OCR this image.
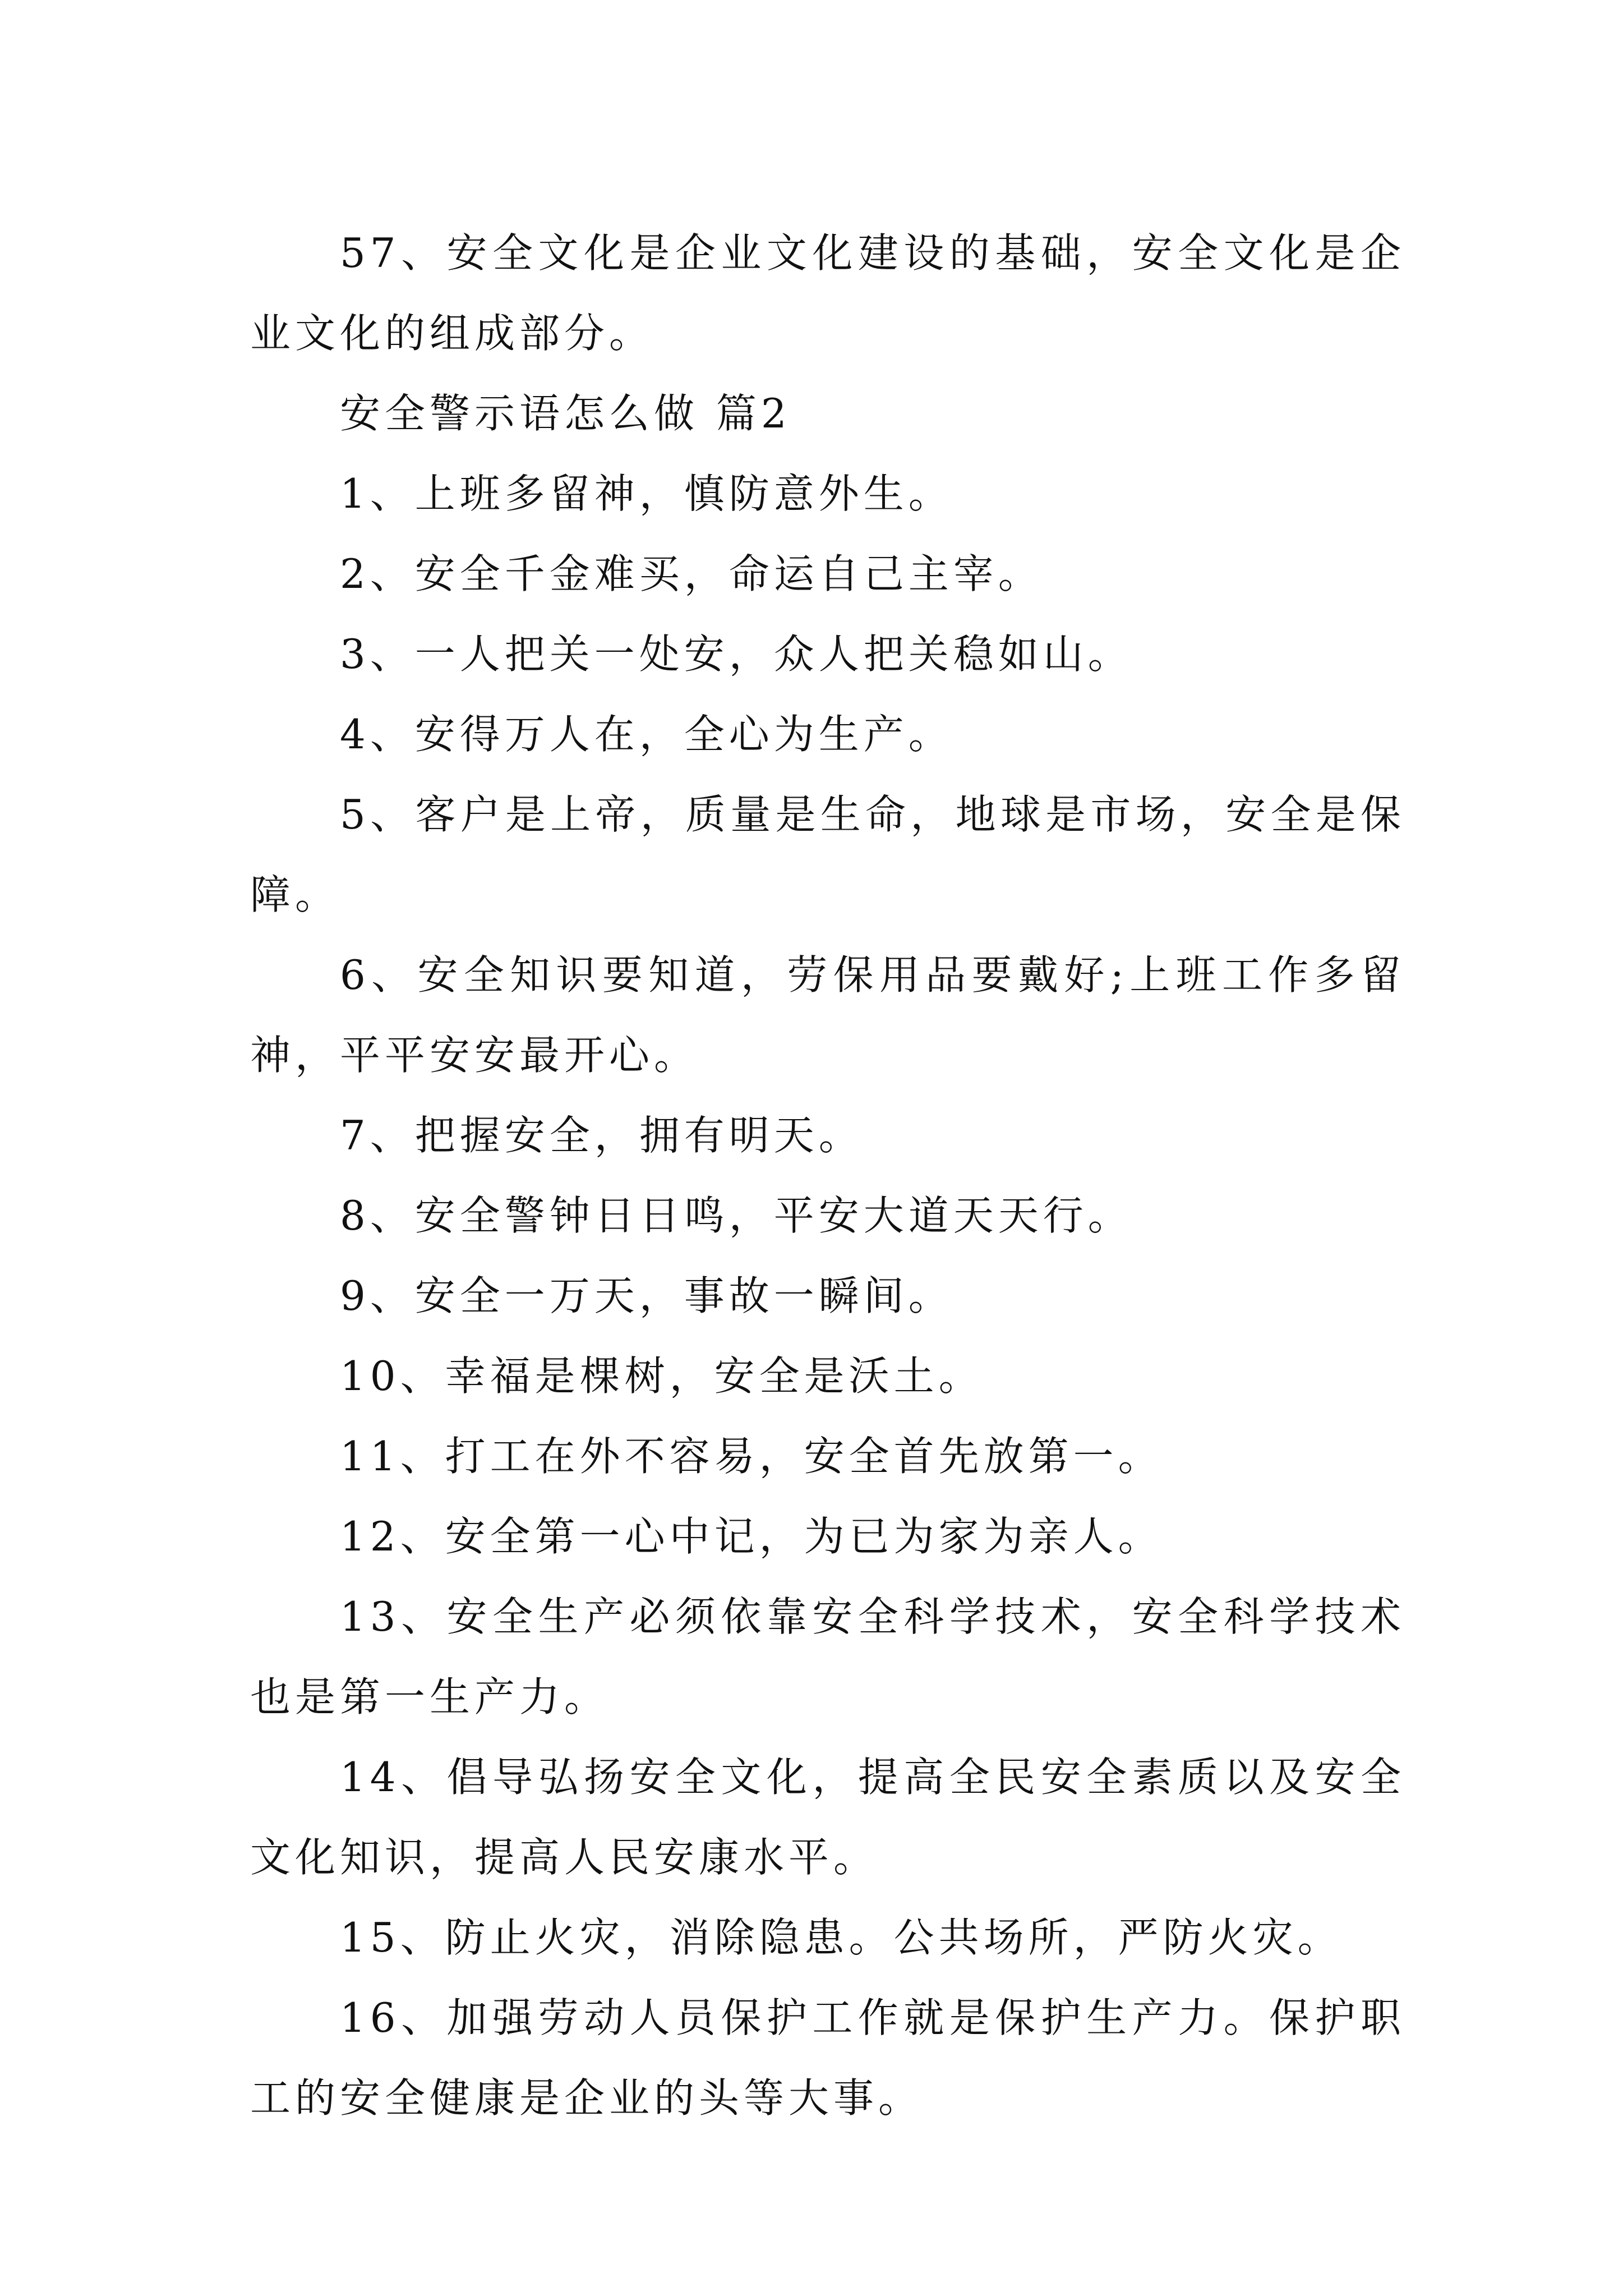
57、安全文化是企业文化建设的基础，安全文化是企业文化的组成部分。

安全警示语怎么做 篇2

1、上班多留神，慎防意外生。

2、安全千金难买，命运自己主宰。

3、一人把关一处安，众人把关稳如山。

4、安得万人在，全心为生产。

5、客户是上帝，质量是生命，地球是市场，安全是保障。

6、安全知识要知道，劳保用品要戴好;上班工作多留神，平平安安最开心。

7、把握安全，拥有明天。

8、安全警钟日日鸣，平安大道天天行。

9、安全一万天，事故一瞬间。

10、幸福是棵树，安全是沃土。

11、打工在外不容易，安全首先放第一。

12、安全第一心中记，为已为家为亲人。

13、安全生产必须依靠安全科学技术，安全科学技术也是第一生产力。

14、倡导弘扬安全文化，提高全民安全素质以及安全文化知识，提高人民安康水平。

15、防止火灾，消除隐患。公共场所，严防火灾。

16、加强劳动人员保护工作就是保护生产力。保护职工的安全健康是企业的头等大事。
